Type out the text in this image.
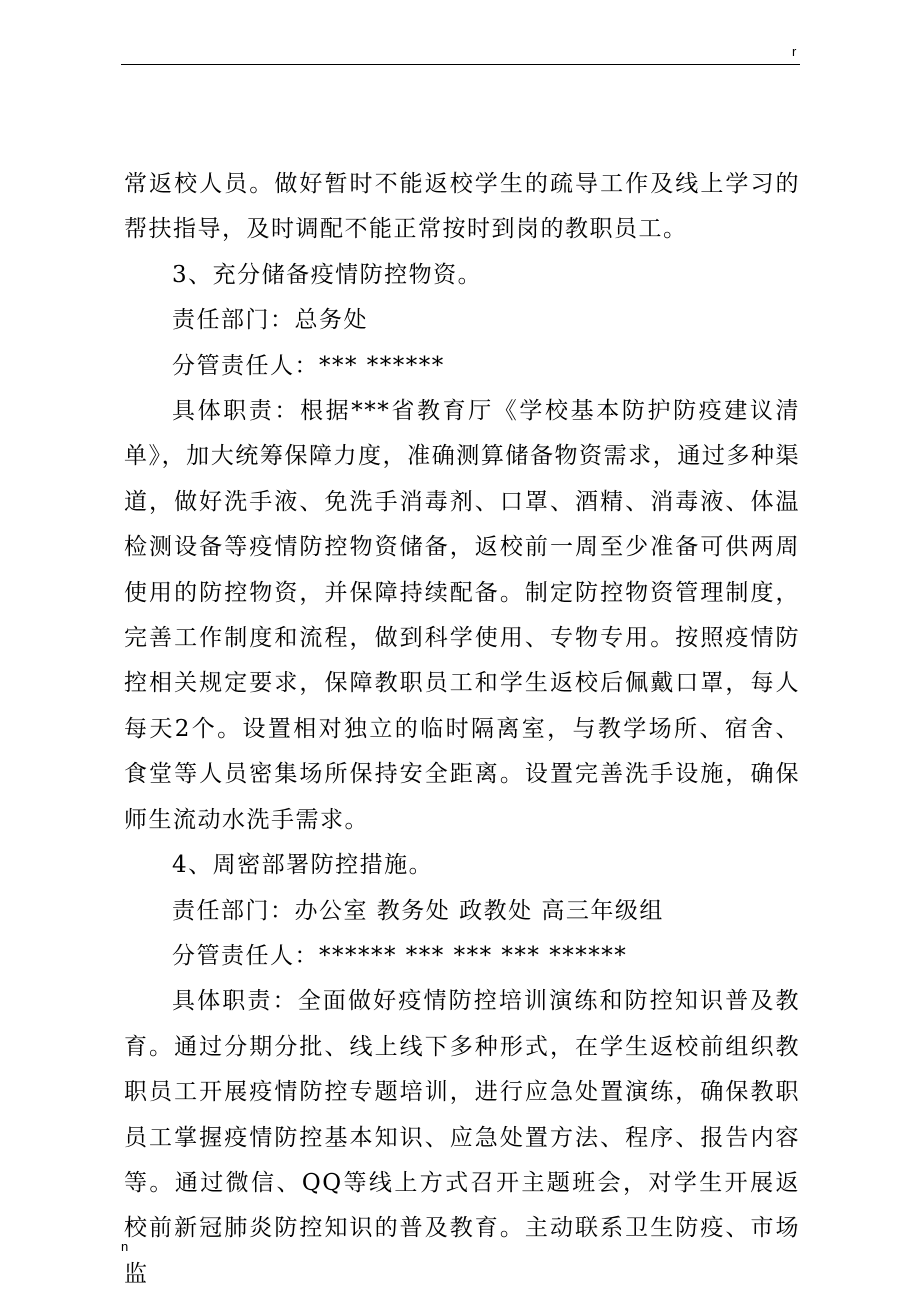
r

常返校人员。做好暂时不能返校学生的疏导工作及线上学习的帮扶指导，及时调配不能正常按时到岗的教职员工。

3、充分储备疫情防控物资。

责任部门：总务处

分管责任人：*** ******

具体职责：根据***省教育厅《学校基本防护防疫建议清单》，加大统筹保障力度，准确测算储备物资需求，通过多种渠道，做好洗手液、免洗手消毒剂、口罩、酒精、消毒液、体温检测设备等疫情防控物资储备，返校前一周至少准备可供两周使用的防控物资，并保障持续配备。制定防控物资管理制度，完善工作制度和流程，做到科学使用、专物专用。按照疫情防控相关规定要求，保障教职员工和学生返校后佩戴口罩，每人每天2个。设置相对独立的临时隔离室，与教学场所、宿舍、食堂等人员密集场所保持安全距离。设置完善洗手设施，确保师生流动水洗手需求。

4、周密部署防控措施。

责任部门：办公室 教务处 政教处 高三年级组

分管责任人：****** *** *** *** ******

具体职责：全面做好疫情防控培训演练和防控知识普及教育。通过分期分批、线上线下多种形式，在学生返校前组织教职员工开展疫情防控专题培训，进行应急处置演练，确保教职员工掌握疫情防控基本知识、应急处置方法、程序、报告内容等。通过微信、QQ等线上方式召开主题班会，对学生开展返校前新冠肺炎防控知识的普及教育。主动联系卫生防疫、市场监

n
